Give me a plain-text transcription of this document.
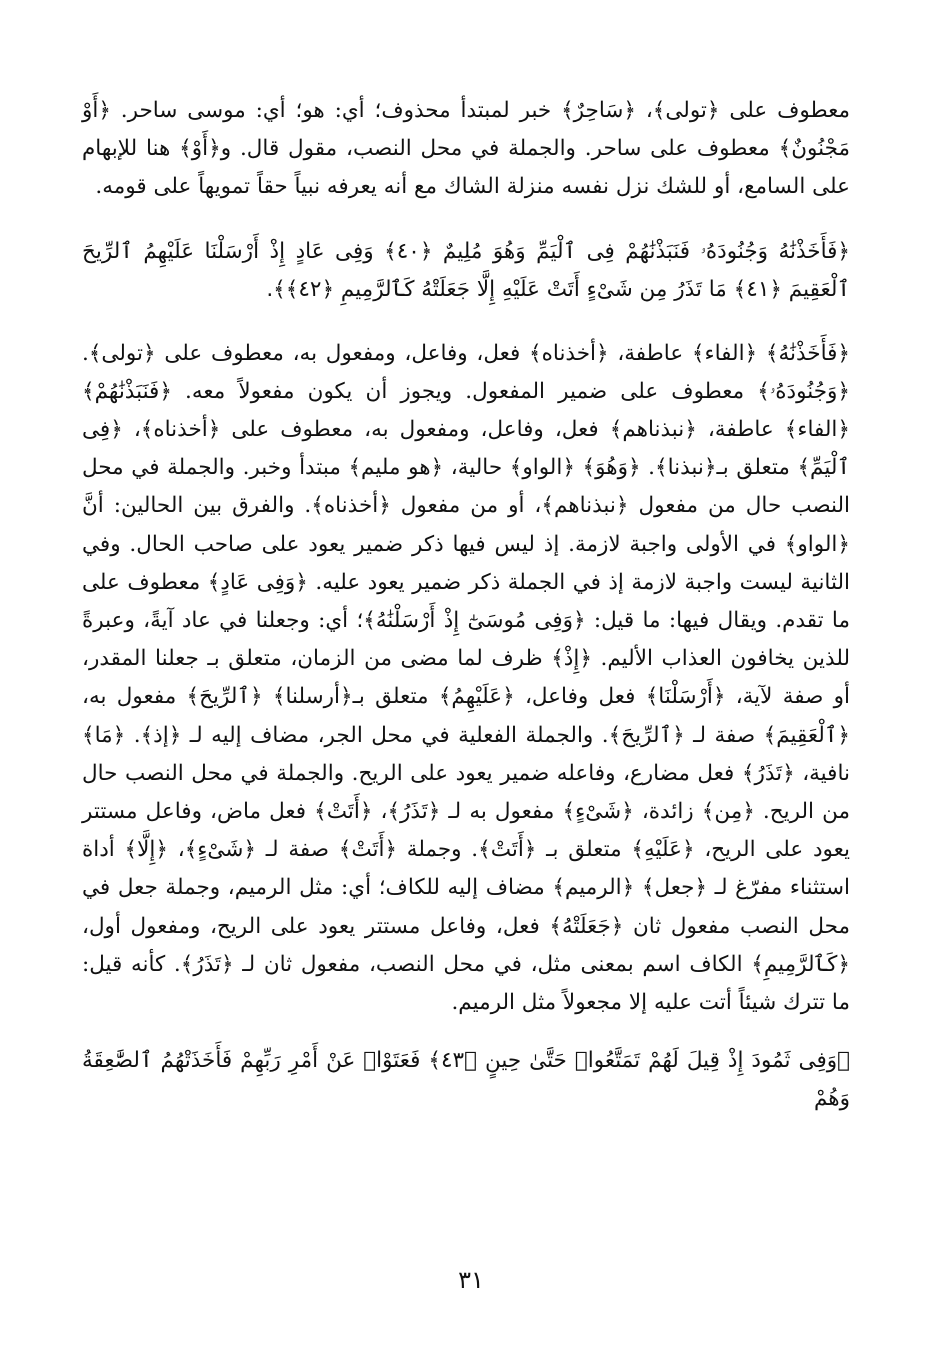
معطوف على ﴿تولى﴾، ﴿سَاحِرٌ﴾ خبر لمبتدأ محذوف؛ أي: هو؛ أي: موسى ساحر. ﴿أَوْ مَجْنُونٌ﴾ معطوف على ساحر. والجملة في محل النصب، مقول قال. و﴿أَوْ﴾ هنا للإبهام على السامع، أو للشك نزل نفسه منزلة الشاك مع أنه يعرفه نبياً حقاً تمويهاً على قومه.

﴿فَأَخَذْنَٰهُ وَجُنُودَهُۥ فَنَبَذْنَٰهُمْ فِى ٱلْيَمِّ وَهُوَ مُلِيمٌ ﴿٤٠﴾ وَفِى عَادٍ إِذْ أَرْسَلْنَا عَلَيْهِمُ ٱلرِّيحَ ٱلْعَقِيمَ ﴿٤١﴾ مَا تَذَرُ مِن شَىْءٍ أَتَتْ عَلَيْهِ إِلَّا جَعَلَتْهُ كَٱلرَّمِيمِ ﴿٤٢﴾﴾.

﴿فَأَخَذْنَٰهُ﴾ ﴿الفاء﴾ عاطفة، ﴿أخذناه﴾ فعل، وفاعل، ومفعول به، معطوف على ﴿تولى﴾. ﴿وَجُنُودَهُۥ﴾ معطوف على ضمير المفعول. ويجوز أن يكون مفعولاً معه. ﴿فَنَبَذْنَٰهُمْ﴾ ﴿الفاء﴾ عاطفة، ﴿نبذناهم﴾ فعل، وفاعل، ومفعول به، معطوف على ﴿أخذناه﴾، ﴿فِى ٱلْيَمِّ﴾ متعلق بـ﴿نبذنا﴾. ﴿وَهُوَ﴾ ﴿الواو﴾ حالية، ﴿هو مليم﴾ مبتدأ وخبر. والجملة في محل النصب حال من مفعول ﴿نبذناهم﴾، أو من مفعول ﴿أخذناه﴾. والفرق بين الحالين: أنَّ ﴿الواو﴾ في الأولى واجبة لازمة. إذ ليس فيها ذكر ضمير يعود على صاحب الحال. وفي الثانية ليست واجبة لازمة إذ في الجملة ذكر ضمير يعود عليه. ﴿وَفِى عَادٍ﴾ معطوف على ما تقدم. ويقال فيها: ما قيل: ﴿وَفِى مُوسَىٰٓ إِذْ أَرْسَلْنَٰهُ﴾؛ أي: وجعلنا في عاد آيةً، وعبرةً للذين يخافون العذاب الأليم. ﴿إِذْ﴾ ظرف لما مضى من الزمان، متعلق بـ جعلنا المقدر، أو صفة لآية، ﴿أَرْسَلْنَا﴾ فعل وفاعل، ﴿عَلَيْهِمُ﴾ متعلق بـ﴿أرسلنا﴾ ﴿ٱلرِّيحَ﴾ مفعول به، ﴿ٱلْعَقِيمَ﴾ صفة لـ ﴿ٱلرِّيحَ﴾. والجملة الفعلية في محل الجر، مضاف إليه لـ ﴿إذ﴾. ﴿مَا﴾ نافية، ﴿تَذَرُ﴾ فعل مضارع، وفاعله ضمير يعود على الريح. والجملة في محل النصب حال من الريح. ﴿مِن﴾ زائدة، ﴿شَىْءٍ﴾ مفعول به لـ ﴿تَذَرُ﴾، ﴿أَتَتْ﴾ فعل ماض، وفاعل مستتر يعود على الريح، ﴿عَلَيْهِ﴾ متعلق بـ ﴿أَتَتْ﴾. وجملة ﴿أَتَتْ﴾ صفة لـ ﴿شَىْءٍ﴾، ﴿إِلَّا﴾ أداة استثناء مفرّغ لـ ﴿جعل﴾ ﴿الرميم﴾ مضاف إليه للكاف؛ أي: مثل الرميم، وجملة جعل في محل النصب مفعول ثان ﴿جَعَلَتْهُ﴾ فعل، وفاعل مستتر يعود على الريح، ومفعول أول، ﴿كَٱلرَّمِيمِ﴾ الكاف اسم بمعنى مثل، في محل النصب، مفعول ثان لـ ﴿تَذَرُ﴾. كأنه قيل: ما تترك شيئاً أتت عليه إلا مجعولاً مثل الرميم.

﴿وَفِى ثَمُودَ إِذْ قِيلَ لَهُمْ تَمَتَّعُوا۟ حَتَّىٰ حِينٍ ﴿٤٣﴾ فَعَتَوْا۟ عَنْ أَمْرِ رَبِّهِمْ فَأَخَذَتْهُمُ ٱلصَّٰعِقَةُ وَهُمْ

٣١
